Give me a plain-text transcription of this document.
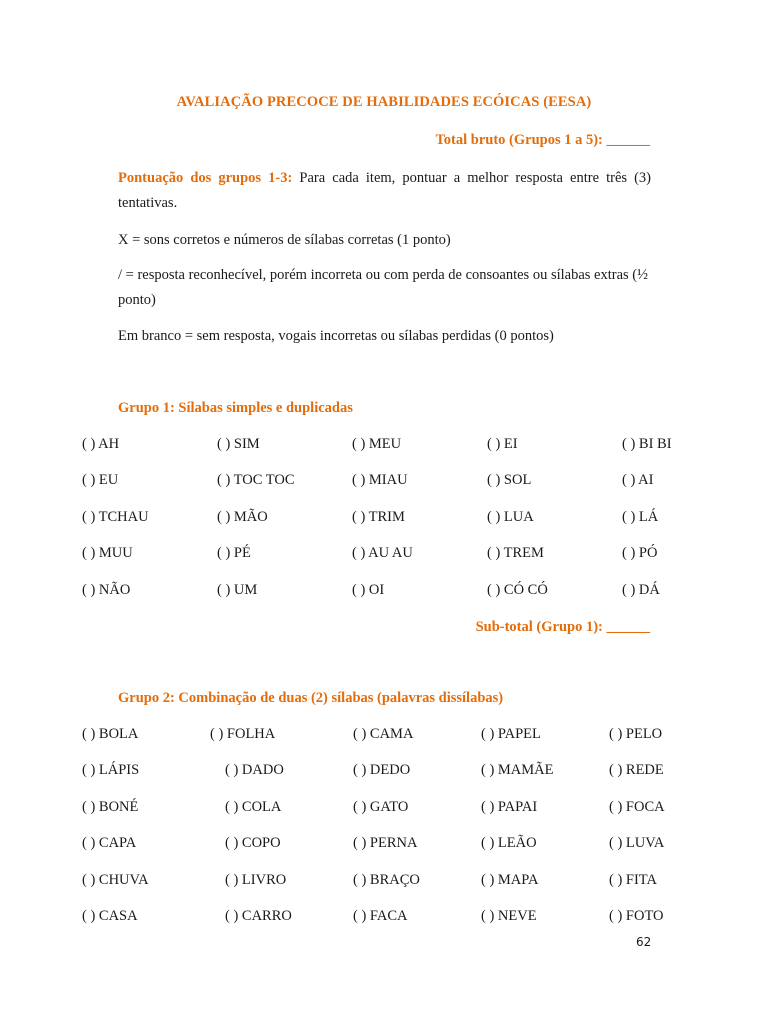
AVALIAÇÃO PRECOCE DE HABILIDADES ECÓICAS (EESA)
Total bruto (Grupos 1 a 5): ______
Pontuação dos grupos 1-3: Para cada item, pontuar a melhor resposta entre três (3) tentativas.
X = sons corretos e números de sílabas corretas (1 ponto)
/ = resposta reconhecível, porém incorreta ou com perda de consoantes ou sílabas extras (½ ponto)
Em branco = sem resposta, vogais incorretas ou sílabas perdidas (0 pontos)
Grupo 1: Sílabas simples e duplicadas
( ) AH	( ) SIM	( ) MEU	( ) EI	( ) BI BI
( ) EU	( ) TOC TOC	( ) MIAU	( ) SOL	( ) AI
( ) TCHAU	( ) MÃO	( ) TRIM	( ) LUA	( ) LÁ
( ) MUU	( ) PÉ	( ) AU AU	( ) TREM	( ) PÓ
( ) NÃO	( ) UM	( ) OI	( ) CÓ CÓ	( ) DÁ
Sub-total (Grupo 1): ______
Grupo 2: Combinação de duas (2) sílabas (palavras dissílabas)
( ) BOLA	( ) FOLHA	( ) CAMA	( ) PAPEL	( ) PELO
( ) LÁPIS	( ) DADO	( ) DEDO	( ) MAMÃE	( ) REDE
( ) BONÉ	( ) COLA	( ) GATO	( ) PAPAI	( ) FOCA
( ) CAPA	( ) COPO	( ) PERNA	( ) LEÃO	( ) LUVA
( ) CHUVA	( ) LIVRO	( ) BRAÇO	( ) MAPA	( ) FITA
( ) CASA	( ) CARRO	( ) FACA	( ) NEVE	( ) FOTO
62
